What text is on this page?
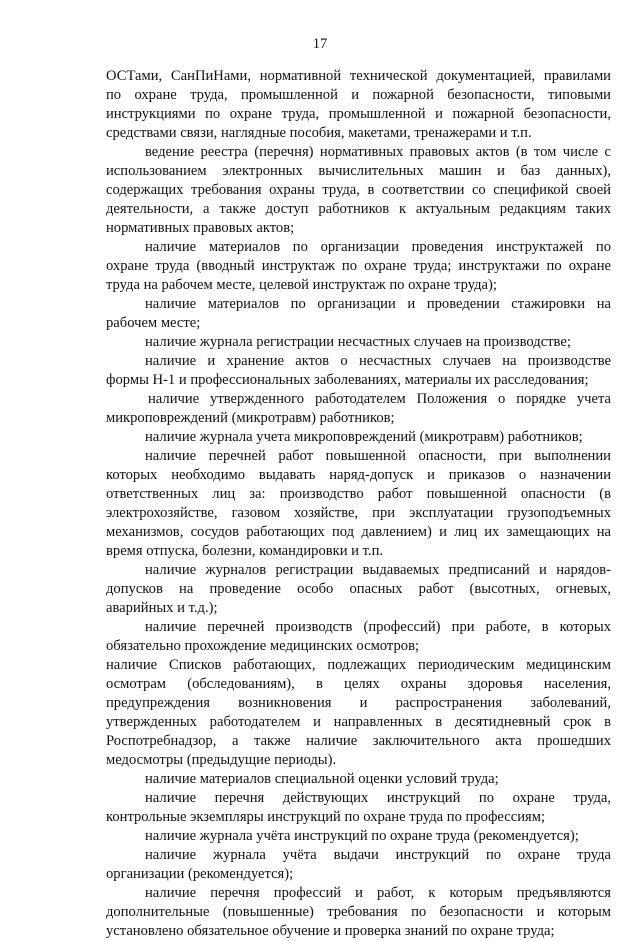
17
ОСТами, СанПиНами, нормативной технической документацией, правилами
по охране труда, промышленной и пожарной безопасности, типовыми
инструкциями по охране труда, промышленной и пожарной безопасности,
средствами связи, наглядные пособия, макетами, тренажерами и т.п.
ведение реестра (перечня) нормативных правовых актов (в том числе с
использованием электронных вычислительных машин и баз данных),
содержащих требования охраны труда, в соответствии со спецификой своей
деятельности, а также доступ работников к актуальным редакциям таких
нормативных правовых актов;
наличие материалов по организации проведения инструктажей по
охране труда (вводный инструктаж по охране труда; инструктажи по охране
труда на рабочем месте, целевой инструктаж по охране труда);
наличие материалов по организации и проведении стажировки на
рабочем месте;
наличие журнала регистрации несчастных случаев на производстве;
наличие и хранение актов о несчастных случаев на производстве
формы Н-1 и профессиональных заболеваниях, материалы их расследования;
наличие утвержденного работодателем Положения о порядке учета
микроповреждений (микротравм) работников;
наличие журнала учета микроповреждений (микротравм) работников;
наличие перечней работ повышенной опасности, при выполнении
которых необходимо выдавать наряд-допуск и приказов о назначении
ответственных лиц за: производство работ повышенной опасности (в
электрохозяйстве, газовом хозяйстве, при эксплуатации грузоподъемных
механизмов, сосудов работающих под давлением) и лиц их замещающих на
время отпуска, болезни, командировки и т.п.
наличие журналов регистрации выдаваемых предписаний и нарядов-
допусков на проведение особо опасных работ (высотных, огневых,
аварийных и т.д.);
наличие перечней производств (профессий) при работе, в которых
обязательно прохождение медицинских осмотров;
наличие Списков работающих, подлежащих периодическим медицинским
осмотрам (обследованиям), в целях охраны здоровья населения,
предупреждения возникновения и распространения заболеваний,
утвержденных работодателем и направленных в десятидневный срок в
Роспотребнадзор, а также наличие заключительного акта прошедших
медосмотры (предыдущие периоды).
наличие материалов специальной оценки условий труда;
наличие перечня действующих инструкций по охране труда,
контрольные экземпляры инструкций по охране труда по профессиям;
наличие журнала учёта инструкций по охране труда (рекомендуется);
наличие журнала учёта выдачи инструкций по охране труда
организации (рекомендуется);
наличие перечня профессий и работ, к которым предъявляются
дополнительные (повышенные) требования по безопасности и которым
установлено обязательное обучение и проверка знаний по охране труда;
